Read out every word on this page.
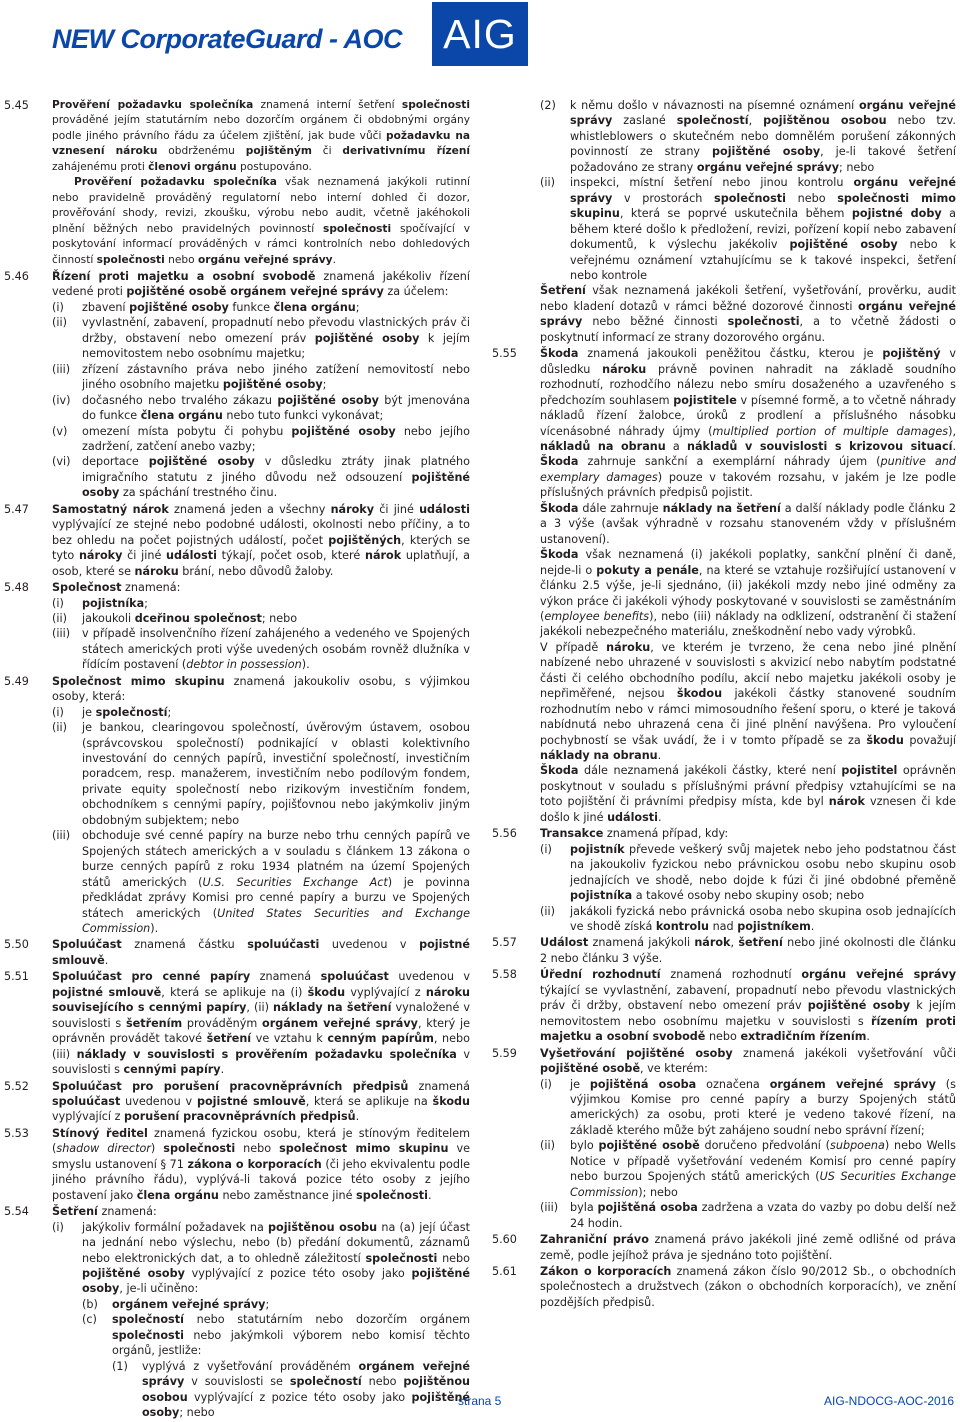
NEW CorporateGuard - AOC AIG
5.45	Prověření požadavku společníka znamená interní šetření společnosti prováděné jejím statutárním nebo dozorčím orgánem či obdobnými orgány podle jiného právního řádu za účelem zjištění, jak bude vůči požadavku na vznesení nároku obdrženému pojištěným či derivativnímu řízení zahájenému proti členovi orgánu postupováno.

Prověření požadavku společníka však neznamená jakýkoli rutinní nebo pravidelně prováděný regulatorní nebo interní dohled či dozor, prověřování shody, revizi, zkoušku, výrobu nebo audit, včetně jakéhokoli plnění běžných nebo pravidelných povinností společnosti spočívající v poskytování informací prováděných v rámci kontrolních nebo dohledových činností společnosti nebo orgánu veřejné správy.

5.46	Řízení proti majetku a osobní svobodě znamená jakékoliv řízení vedené proti pojištěné osobě orgánem veřejné správy za účelem:

(i)	zbavení pojištěné osoby funkce člena orgánu;
(ii)	vyvlastnění, zabavení, propadnutí nebo převodu vlastnických práv či držby, obstavení nebo omezení práv pojištěné osoby k jejím nemovitostem nebo osobnímu majetku;
(iii)	zřízení zástavního práva nebo jiného zatížení nemovitostí nebo jiného osobního majetku pojištěné osoby;
(iv)	dočasného nebo trvalého zákazu pojištěné osoby být jmenována do funkce člena orgánu nebo tuto funkci vykonávat;
(v)	omezení místa pobytu či pohybu pojištěné osoby nebo jejího zadržení, zatčení anebo vazby;
(vi)	deportace pojištěné osoby v důsledku ztráty jinak platného imigračního statutu z jiného důvodu než odsouzení pojištěné osoby za spáchání trestného činu.
5.47	Samostatný nárok znamená jeden a všechny nároky či jiné události vyplývající ze stejné nebo podobné události, okolnosti nebo příčiny, a to bez ohledu na počet pojistných událostí, počet pojištěných, kterých se tyto nároky či jiné události týkají, počet osob, které nárok uplatňují, a osob, které se nároku brání, nebo důvodů žaloby.

5.48	Společnost znamená:

(i)	pojistníka;
(ii)	jakoukoli dceřinou společnost; nebo
(iii)	v případě insolvenčního řízení zahájeného a vedeného ve Spojených státech amerických proti výše uvedených osobám rovněž dlužníka v řídícím postavení (debtor in possession).
5.49	Společnost mimo skupinu znamená jakoukoliv osobu, s výjimkou osoby, která:

(i)	je společností;
(ii)	je bankou, clearingovou společností, úvěrovým ústavem, osobou (správcovskou společností) podnikající v oblasti kolektivního investování do cenných papírů, investiční společností, investičním poradcem, resp. manažerem, investičním nebo podílovým fondem, private equity společností nebo rizikovým investičním fondem, obchodníkem s cennými papíry, pojišťovnou nebo jakýmkoliv jiným obdobným subjektem; nebo
(iii)	obchoduje své cenné papíry na burze nebo trhu cenných papírů ve Spojených státech amerických a v souladu s článkem 13 zákona o burze cenných papírů z roku 1934 platném na území Spojených států amerických (U.S. Securities Exchange Act) je povinna předkládat zprávy Komisi pro cenné papíry a burzu ve Spojených státech amerických (United States Securities and Exchange Commission).
5.50	Spoluúčast znamená částku spoluúčasti uvedenou v pojistné smlouvě.

5.51	Spoluúčast pro cenné papíry znamená spoluúčast uvedenou v pojistné smlouvě, která se aplikuje na (i) škodu vyplývající z nároku souvisejícího s cennými papíry, (ii) náklady na šetření vynaložené v souvislosti s šetřením prováděným orgánem veřejné správy, který je oprávněn provádět takové šetření ve vztahu k cenným papírům, nebo (iii) náklady v souvislosti s prověřením požadavku společníka v souvislosti s cennými papíry.

5.52	Spoluúčast pro porušení pracovněprávních předpisů znamená spoluúčast uvedenou v pojistné smlouvě, která se aplikuje na škodu vyplývající z porušení pracovněprávních předpisů.

5.53	Stínový ředitel znamená fyzickou osobu, která je stínovým ředitelem (shadow director) společnosti nebo společnost mimo skupinu ve smyslu ustanovení § 71 zákona o korporacích (či jeho ekvivalentu podle jiného právního řádu), vyplývá-li taková pozice této osoby z jejího postavení jako člena orgánu nebo zaměstnance jiné společnosti.

5.54	Šetření znamená:

(i)	jakýkoliv formální požadavek na pojištěnou osobu na (a) její účast na jednání nebo výslechu, nebo (b) předání dokumentů, záznamů nebo elektronických dat, a to ohledně záležitostí společnosti nebo pojištěné osoby vyplývající z pozice této osoby jako pojištěné osoby, je-li učiněno:
(b)	orgánem veřejné správy;
(c)	společností nebo statutárním nebo dozorčím orgánem společnosti nebo jakýmkoli výborem nebo komisí těchto orgánů, jestliže:
(1)	vyplývá z vyšetřování prováděném orgánem veřejné správy v souvislosti se společností nebo pojištěnou osobou vyplývající z pozice této osoby jako pojištěné osoby; nebo
(2)	k němu došlo v návaznosti na písemné oznámení orgánu veřejné správy zaslané společností, pojištěnou osobou nebo tzv. whistleblowers o skutečném nebo domnělém porušení zákonných povinností ze strany pojištěné osoby, je-li takové šetření požadováno ze strany orgánu veřejné správy; nebo
(ii)	inspekci, místní šetření nebo jinou kontrolu orgánu veřejné správy v prostorách společnosti nebo společnosti mimo skupinu, která se poprvé uskutečnila během pojistné doby a během které došlo k předložení, revizi, pořízení kopií nebo zabavení dokumentů, k výslechu jakékoliv pojištěné osoby nebo k veřejnému oznámení vztahujícímu se k takové inspekci, šetření nebo kontrole

Šetření však neznamená jakékoli šetření, vyšetřování, prověrku, audit nebo kladení dotazů v rámci běžné dozorové činnosti orgánu veřejné správy nebo běžné činnosti společnosti, a to včetně žádosti o poskytnutí informací ze strany dozorového orgánu.

5.55	Škoda znamená jakoukoli peněžitou částku, kterou je pojištěný v důsledku nároku právně povinen nahradit na základě soudního rozhodnutí, rozhodčího nálezu nebo smíru dosaženého a uzavřeného s předchozím souhlasem pojistitele v písemné formě, a to včetně náhrady nákladů řízení žalobce, úroků z prodlení a příslušného násobku vícenásobné náhrady újmy (multiplied portion of multiple damages), nákladů na obranu a nákladů v souvislosti s krizovou situací. Škoda zahrnuje sankční a exemplární náhrady újem (punitive and exemplary damages) pouze v takovém rozsahu, v jakém je lze podle příslušných právních předpisů pojistit.

Škoda dále zahrnuje náklady na šetření a další náklady podle článku 2 a 3 výše (avšak výhradně v rozsahu stanoveném vždy v příslušném ustanovení).

Škoda však neznamená (i) jakékoli poplatky, sankční plnění či daně, nejde-li o pokuty a penále, na které se vztahuje rozšiřující ustanovení v článku 2.5 výše, je-li sjednáno, (ii) jakékoli mzdy nebo jiné odměny za výkon práce či jakékoli výhody poskytované v souvislosti se zaměstnáním (employee benefits), nebo (iii) náklady na odklizení, odstranění či stažení jakékoli nebezpečného materiálu, zneškodnění nebo vady výrobků.

V případě nároku, ve kterém je tvrzeno, že cena nebo jiné plnění nabízené nebo uhrazené v souvislosti s akvizicí nebo nabytím podstatné části či celého obchodního podílu, akcií nebo majetku jakékoli osoby je nepřiměřené, nejsou škodou jakékoli částky stanovené soudním rozhodnutím nebo v rámci mimosoudního řešení sporu, o které je taková nabídnutá nebo uhrazená cena či jiné plnění navýšena. Pro vyloučení pochybností se však uvádí, že i v tomto případě se za škodu považují náklady na obranu.

Škoda dále neznamená jakékoli částky, které není pojistitel oprávněn poskytnout v souladu s příslušnými právní předpisy vztahujícími se na toto pojištění či právními předpisy místa, kde byl nárok vznesen či kde došlo k jiné události.

5.56	Transakce znamená případ, kdy:

(i)	pojistník převede veškerý svůj majetek nebo jeho podstatnou část na jakoukoliv fyzickou nebo právnickou osobu nebo skupinu osob jednajících ve shodě, nebo dojde k fúzi či jiné obdobné přeměně pojistníka a takové osoby nebo skupiny osob; nebo
(ii)	jakákoli fyzická nebo právnická osoba nebo skupina osob jednajících ve shodě získá kontrolu nad pojistníkem.
5.57	Událost znamená jakýkoli nárok, šetření nebo jiné okolnosti dle článku 2 nebo článku 3 výše.

5.58	Úřední rozhodnutí znamená rozhodnutí orgánu veřejné správy týkající se vyvlastnění, zabavení, propadnutí nebo převodu vlastnických práv či držby, obstavení nebo omezení práv pojištěné osoby k jejím nemovitostem nebo osobnímu majetku v souvislosti s řízením proti majetku a osobní svobodě nebo extradičním řízením.

5.59	Vyšetřování pojištěné osoby znamená jakékoli vyšetřování vůči pojištěné osobě, ve kterém:

(i)	je pojištěná osoba označena orgánem veřejné správy (s výjimkou Komise pro cenné papíry a burzy Spojených států amerických) za osobu, proti které je vedeno takové řízení, na základě kterého může být zahájeno soudní nebo správní řízení;
(ii)	bylo pojištěné osobě doručeno předvolání (subpoena) nebo Wells Notice v případě vyšetřování vedeném Komisí pro cenné papíry nebo burzou Spojených států amerických (US Securities Exchange Commission); nebo
(iii)	byla pojištěná osoba zadržena a vzata do vazby po dobu delší než 24 hodin.
5.60	Zahraniční právo znamená právo jakékoli jiné země odlišné od právа země, podle jejíhož práva je sjednáno toto pojištění.

5.61	Zákon o korporacích znamená zákon číslo 90/2012 Sb., o obchodních společnostech a družstvech (zákon o obchodních korporacích), ve znění pozdějších předpisů.

strana 5	AIG-NDOCG-AOC-2016
